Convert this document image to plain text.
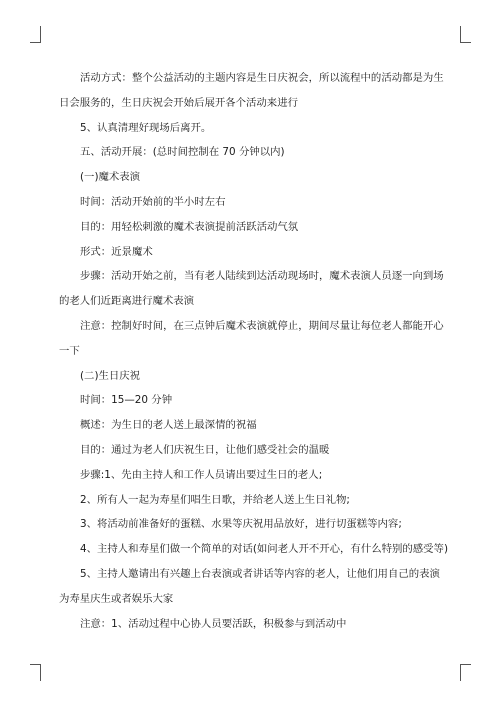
活动方式：整个公益活动的主题内容是生日庆祝会，所以流程中的活动都是为生
日会服务的，生日庆祝会开始后展开各个活动来进行
5、认真清理好现场后离开。
五、活动开展：(总时间控制在 70 分钟以内)
(一)魔术表演
时间：活动开始前的半小时左右
目的：用轻松刺激的魔术表演提前活跃活动气氛
形式：近景魔术
步骤：活动开始之前，当有老人陆续到达活动现场时，魔术表演人员逐一向到场
的老人们近距离进行魔术表演
注意：控制好时间，在三点钟后魔术表演就停止，期间尽量让每位老人都能开心
一下
(二)生日庆祝
时间：15—20 分钟
概述：为生日的老人送上最深情的祝福
目的：通过为老人们庆祝生日，让他们感受社会的温暖
步骤:1、先由主持人和工作人员请出要过生日的老人;
2、所有人一起为寿星们唱生日歌，并给老人送上生日礼物;
3、将活动前准备好的蛋糕、水果等庆祝用品放好，进行切蛋糕等内容;
4、主持人和寿星们做一个简单的对话(如问老人开不开心，有什么特别的感受等)
5、主持人邀请出有兴趣上台表演或者讲话等内容的老人，让他们用自己的表演
为寿星庆生或者娱乐大家
注意：1、活动过程中心协人员要活跃，积极参与到活动中
